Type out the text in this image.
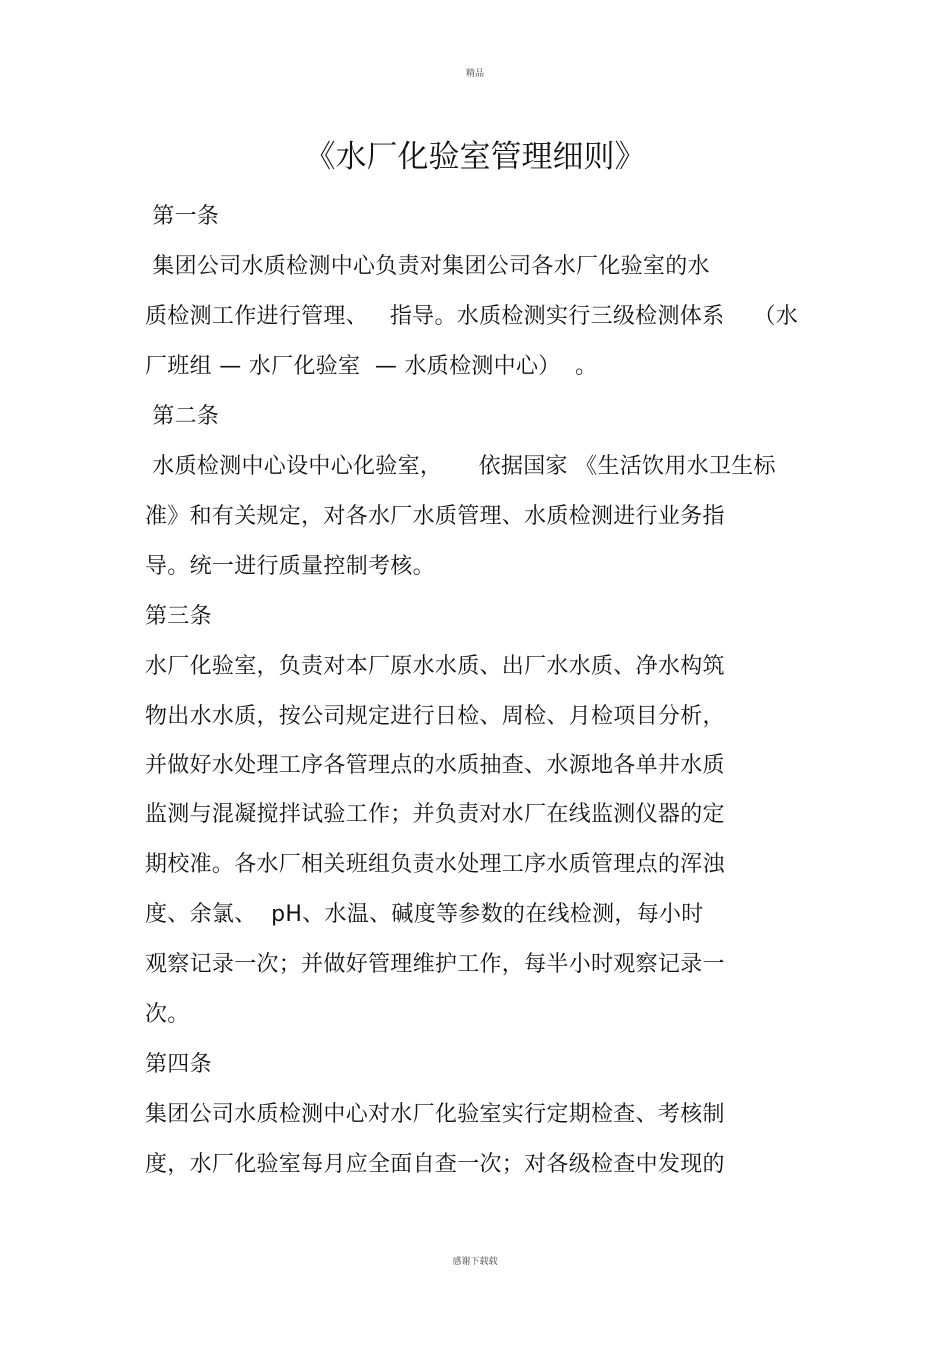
精品
《水厂化验室管理细则》
第一条
集团公司水质检测中心负责对集团公司各水厂化验室的水
质检测工作进行管理、   指导。水质检测实行三级检测体系    （水
厂班组 — 水厂化验室  — 水质检测中心）  。
第二条
水质检测中心设中心化验室，     依据国家 《生活饮用水卫生标
准》和有关规定，对各水厂水质管理、水质检测进行业务指
导。统一进行质量控制考核。
第三条
水厂化验室，负责对本厂原水水质、出厂水水质、净水构筑
物出水水质，按公司规定进行日检、周检、月检项目分析，
并做好水处理工序各管理点的水质抽查、水源地各单井水质
监测与混凝搅拌试验工作；并负责对水厂在线监测仪器的定
期校准。各水厂相关班组负责水处理工序水质管理点的浑浊
度、余氯、  pH、水温、碱度等参数的在线检测，每小时
观察记录一次；并做好管理维护工作，每半小时观察记录一
次。
第四条
集团公司水质检测中心对水厂化验室实行定期检查、考核制
度，水厂化验室每月应全面自查一次；对各级检查中发现的
感谢下载载
